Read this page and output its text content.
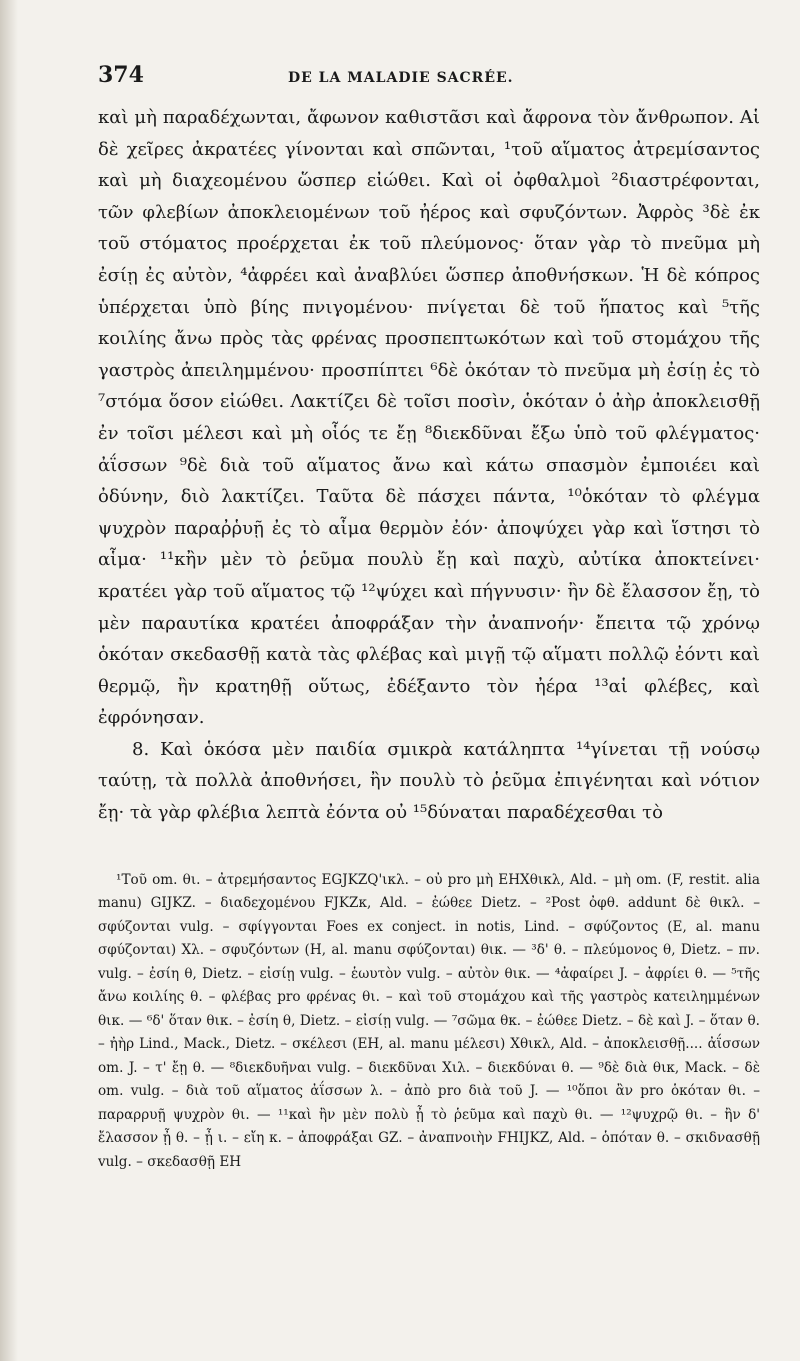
374	DE LA MALADIE SACRÉE.

καὶ μὴ παραδέχωνται, ἄφωνον καθιστᾶσι καὶ ἄφρονα τὸν ἄνθρωπον. Αἱ δὲ χεῖρες ἀκρατέες γίνονται καὶ σπῶνται, ¹τοῦ αἵματος ἀτρεμίσαντος καὶ μὴ διαχεομένου ὥσπερ εἰώθει. Καὶ οἱ ὀφθαλμοὶ ²διαστρέφονται, τῶν φλεβίων ἀποκλειομένων τοῦ ἠέρος καὶ σφυζόντων. Ἀφρὸς ³δὲ ἐκ τοῦ στόματος προέρχεται ἐκ τοῦ πλεύμονος· ὅταν γὰρ τὸ πνεῦμα μὴ ἐσίῃ ἐς αὐτὸν, ⁴ἀφρέει καὶ ἀναβλύει ὥσπερ ἀποθνήσκων. Ἡ δὲ κόπρος ὑπέρχεται ὑπὸ βίης πνιγομένου· πνίγεται δὲ τοῦ ἥπατος καὶ ⁵τῆς κοιλίης ἄνω πρὸς τὰς φρένας προσπεπτωκότων καὶ τοῦ στομάχου τῆς γαστρὸς ἀπειλημμένου· προσπίπτει ⁶δὲ ὁκόταν τὸ πνεῦμα μὴ ἐσίῃ ἐς τὸ ⁷στόμα ὅσον εἰώθει. Λακτίζει δὲ τοῖσι ποσὶν, ὁκόταν ὁ ἀὴρ ἀποκλεισθῇ ἐν τοῖσι μέλεσι καὶ μὴ οἷός τε ἔῃ ⁸διεκδῦναι ἔξω ὑπὸ τοῦ φλέγματος· ἀΐσσων ⁹δὲ διὰ τοῦ αἵματος ἄνω καὶ κάτω σπασμὸν ἐμποιέει καὶ ὀδύνην, διὸ λακτίζει. Ταῦτα δὲ πάσχει πάντα, ¹⁰ὁκόταν τὸ φλέγμα ψυχρὸν παραῤῥυῇ ἐς τὸ αἷμα θερμὸν ἐόν· ἀποψύχει γὰρ καὶ ἵστησι τὸ αἷμα· ¹¹κἢν μὲν τὸ ῥεῦμα πουλὺ ἔῃ καὶ παχὺ, αὐτίκα ἀποκτείνει· κρατέει γὰρ τοῦ αἵματος τῷ ¹²ψύχει καὶ πήγνυσιν· ἢν δὲ ἔλασσον ἔῃ, τὸ μὲν παραυτίκα κρατέει ἀποφράξαν τὴν ἀναπνοήν· ἔπειτα τῷ χρόνῳ ὁκόταν σκεδασθῇ κατὰ τὰς φλέβας καὶ μιγῇ τῷ αἵματι πολλῷ ἐόντι καὶ θερμῷ, ἢν κρατηθῇ οὕτως, ἐδέξαντο τὸν ἠέρα ¹³αἱ φλέβες, καὶ ἐφρόνησαν.

8. Καὶ ὁκόσα μὲν παιδία σμικρὰ κατάληπτα ¹⁴γίνεται τῇ νούσῳ ταύτῃ, τὰ πολλὰ ἀποθνήσει, ἢν πουλὺ τὸ ῥεῦμα ἐπιγένηται καὶ νότιον ἔῃ· τὰ γὰρ φλέβια λεπτὰ ἐόντα οὐ ¹⁵δύναται παραδέχεσθαι τὸ

¹Τοῦ om. θι. – ἀτρεμήσαντος EGJKZQ'ικλ. – οὐ pro μὴ EHXθικλ, Ald. – μὴ om. (F, restit. alia manu) GIJKZ. – διαδεχομένου FJKZκ, Ald. – ἐώθεε Dietz. – ²Post ὀφθ. addunt δὲ θικλ. – σφύζονται vulg. – σφίγγονται Foes ex conject. in notis, Lind. – σφύζοντος (E, al. manu σφύζονται) Χλ. – σφυζόντων (H, al. manu σφύζονται) θικ. — ³δ' θ. – πλεύμονος θ, Dietz. – πν. vulg. – ἐσίη θ, Dietz. – εἰσίῃ vulg. – ἑωυτὸν vulg. – αὐτὸν θικ. — ⁴ἀφαίρει J. – ἀφρίει θ. — ⁵τῆς ἄνω κοιλίης θ. – φλέβας pro φρένας θι. – καὶ τοῦ στομάχου καὶ τῆς γαστρὸς κατειλημμένων θικ. — ⁶δ' ὅταν θικ. – ἐσίη θ, Dietz. – εἰσίῃ vulg. — ⁷σῶμα θκ. – ἐώθεε Dietz. – δὲ καὶ J. – ὅταν θ. – ἠὴρ Lind., Mack., Dietz. – σκέλεσι (EH, al. manu μέλεσι) Χθικλ, Ald. – ἀποκλεισθῇ.... ἀΐσσων om. J. – τ' ἔῃ θ. — ⁸διεκδυῆναι vulg. – διεκδῦναι Χιλ. – διεκδύναι θ. — ⁹δὲ διὰ θικ, Mack. – δὲ om. vulg. – διὰ τοῦ αἵματος ἀΐσσων λ. – ἀπὸ pro διὰ τοῦ J. — ¹⁰ὅποι ἂν pro ὁκόταν θι. – παραρρυῇ ψυχρὸν θι. — ¹¹καὶ ἢν μὲν πολὺ ᾖ τὸ ῥεῦμα καὶ παχὺ θι. — ¹²ψυχρῷ θι. – ἢν δ' ἔλασσον ᾖ θ. – ᾖ ι. – εἴη κ. – ἀποφράξαι GZ. – ἀναπνοιὴν FHIJKZ, Ald. – ὁπόταν θ. – σκιδνασθῇ vulg. – σκεδασθῇ EH
